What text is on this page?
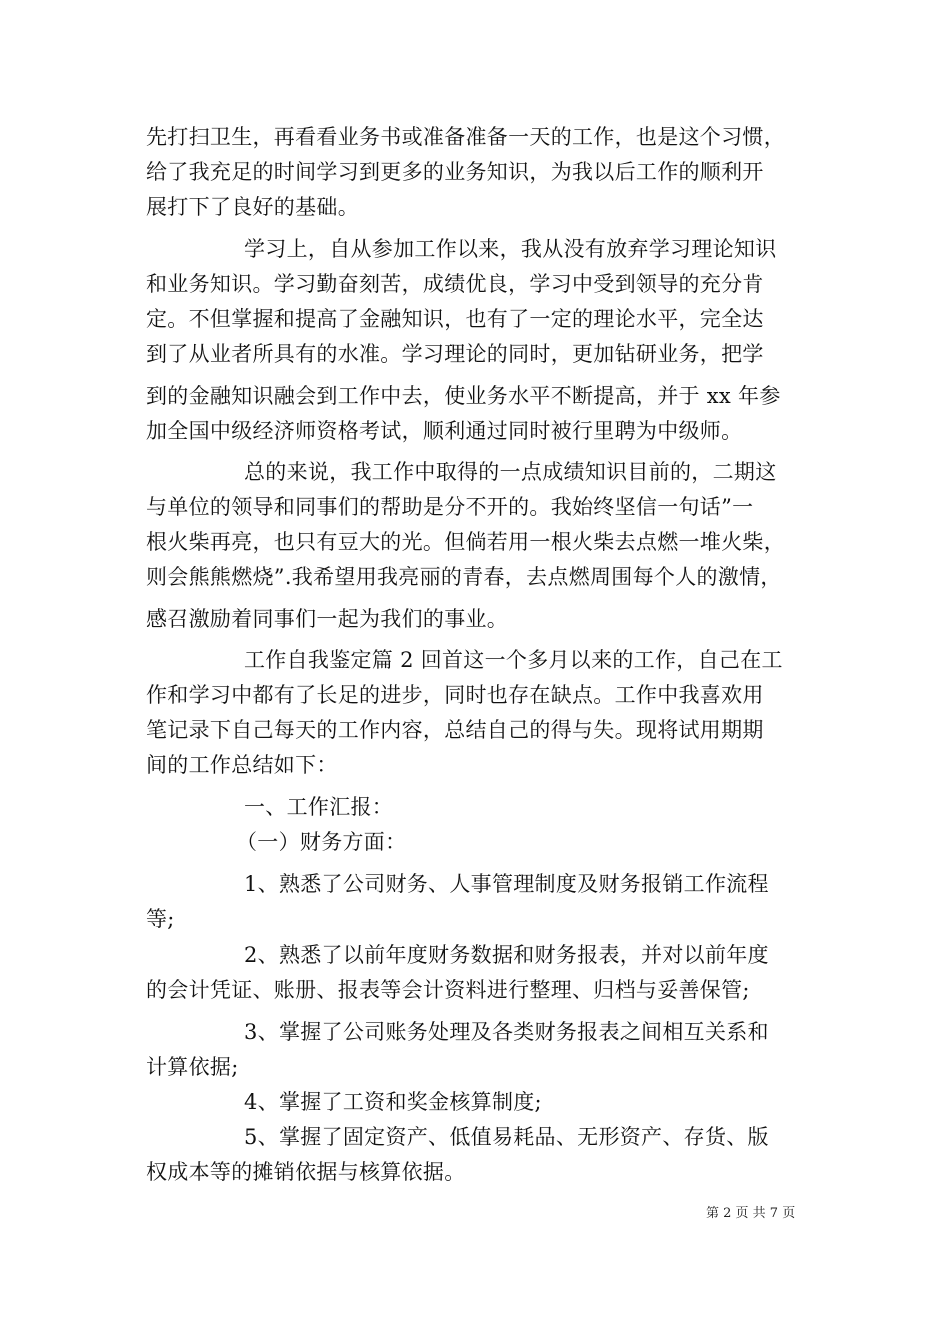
先打扫卫生，再看看业务书或准备准备一天的工作，也是这个习惯，
给了我充足的时间学习到更多的业务知识，为我以后工作的顺利开
展打下了良好的基础。
学习上，自从参加工作以来，我从没有放弃学习理论知识
和业务知识。学习勤奋刻苦，成绩优良，学习中受到领导的充分肯
定。不但掌握和提高了金融知识，也有了一定的理论水平，完全达
到了从业者所具有的水准。学习理论的同时，更加钻研业务，把学
到的金融知识融会到工作中去，使业务水平不断提高，并于 xx 年参
加全国中级经济师资格考试，顺利通过同时被行里聘为中级师。
总的来说，我工作中取得的一点成绩知识目前的，二期这
与单位的领导和同事们的帮助是分不开的。我始终坚信一句话”一
根火柴再亮，也只有豆大的光。但倘若用一根火柴去点燃一堆火柴，
则会熊熊燃烧”.我希望用我亮丽的青春，去点燃周围每个人的激情，
感召激励着同事们一起为我们的事业。
工作自我鉴定篇 2 回首这一个多月以来的工作，自己在工
作和学习中都有了长足的进步，同时也存在缺点。工作中我喜欢用
笔记录下自己每天的工作内容，总结自己的得与失。现将试用期期
间的工作总结如下：
一、工作汇报：
（一）财务方面：
1、熟悉了公司财务、人事管理制度及财务报销工作流程
等;
2、熟悉了以前年度财务数据和财务报表，并对以前年度
的会计凭证、账册、报表等会计资料进行整理、归档与妥善保管;
3、掌握了公司账务处理及各类财务报表之间相互关系和
计算依据;
4、掌握了工资和奖金核算制度;
5、掌握了固定资产、低值易耗品、无形资产、存货、版
权成本等的摊销依据与核算依据。
第 2 页 共 7 页
